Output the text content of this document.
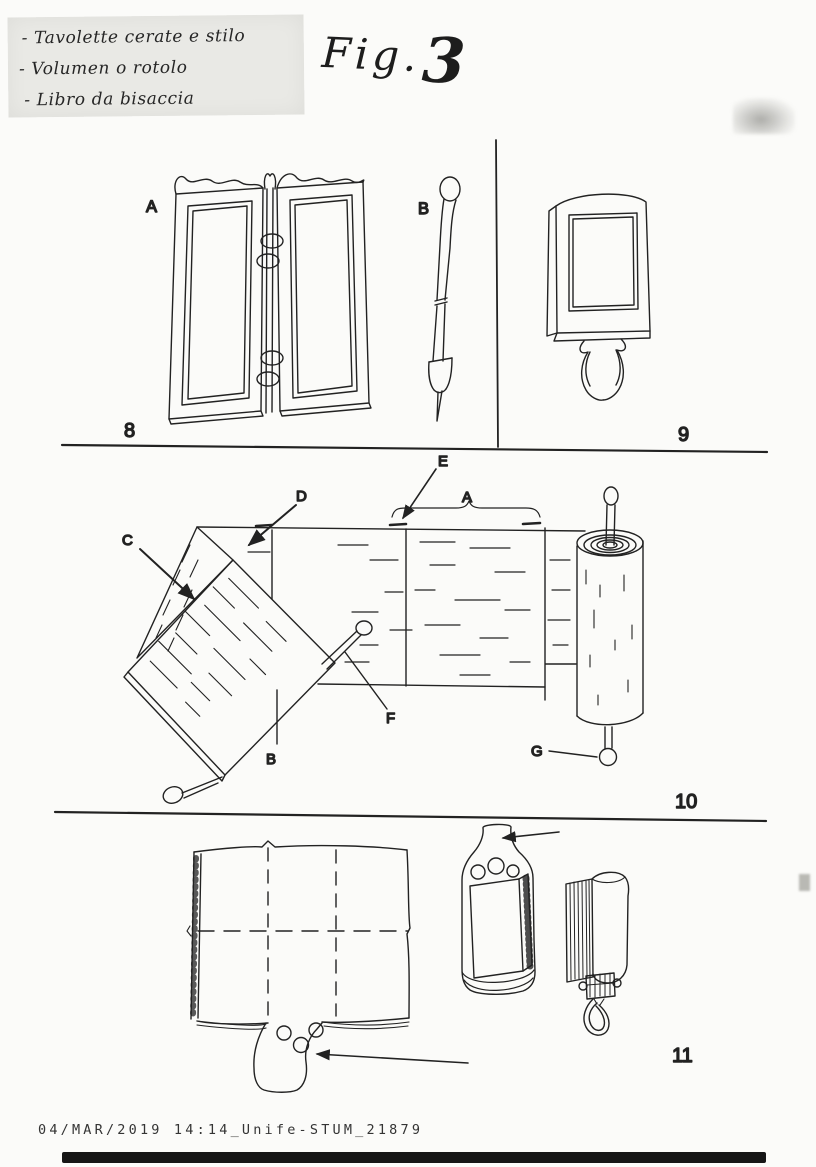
- Tavolette cerate e stilo
- Volumen o rotolo
- Libro da bisaccia
Fig.3
A
8
B
9
C
D
E
A
B
F
G
10
11
04/MAR/2019 14:14_Unife-STUM_21879
